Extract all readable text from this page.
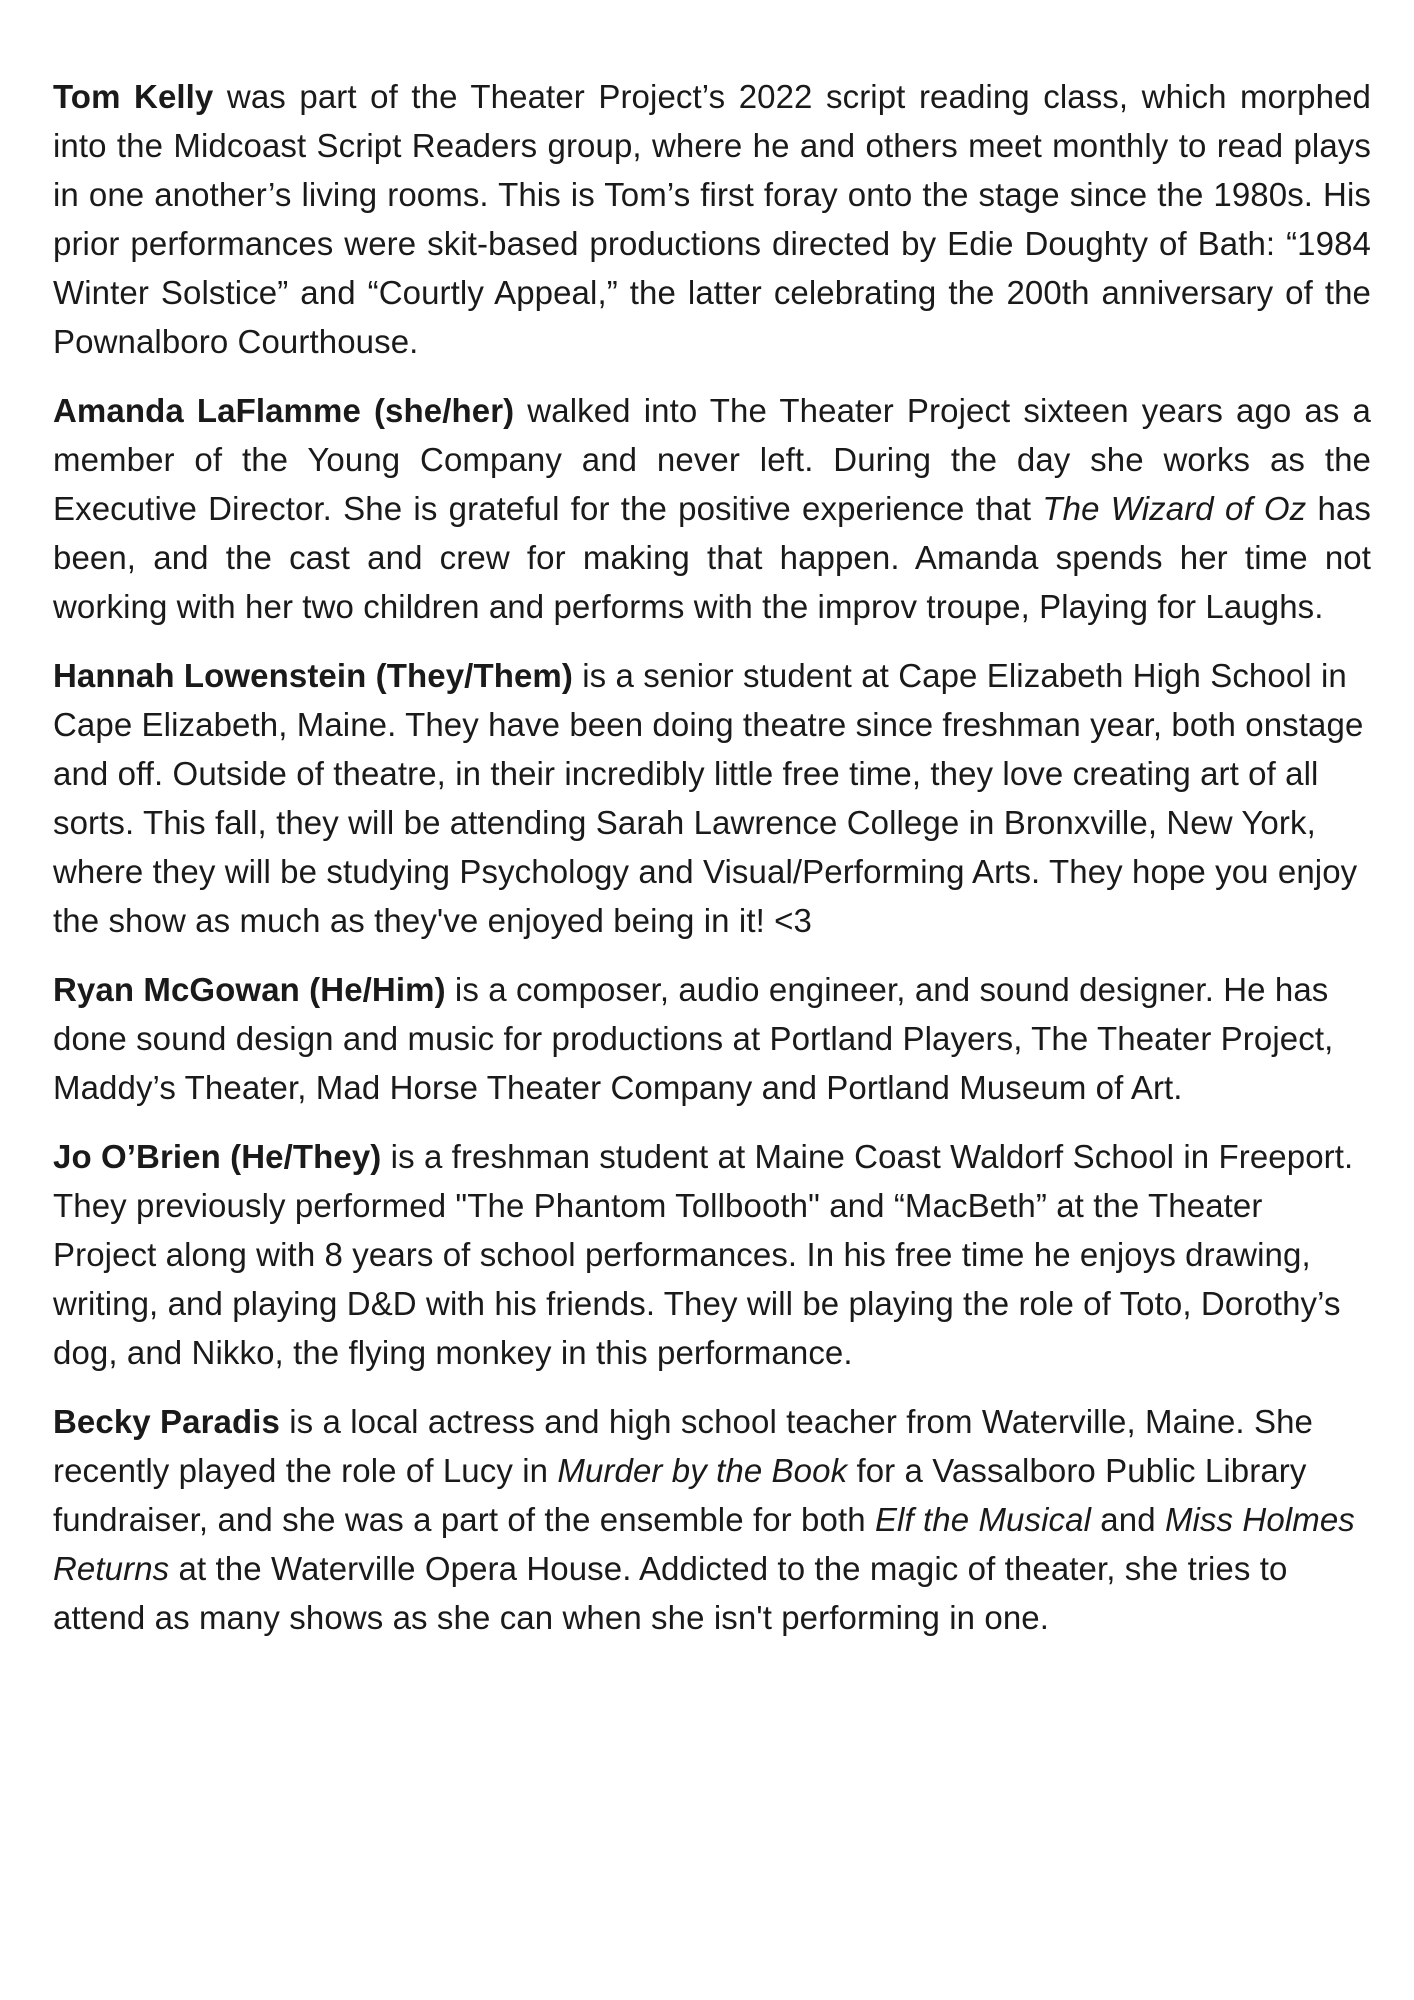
Tom Kelly was part of the Theater Project’s 2022 script reading class, which morphed into the Midcoast Script Readers group, where he and others meet monthly to read plays in one another’s living rooms. This is Tom’s first foray onto the stage since the 1980s. His prior performances were skit-based productions directed by Edie Doughty of Bath: “1984 Winter Solstice” and “Courtly Appeal,” the latter celebrating the 200th anniversary of the Pownalboro Courthouse.

Amanda LaFlamme (she/her) walked into The Theater Project sixteen years ago as a member of the Young Company and never left. During the day she works as the Executive Director. She is grateful for the positive experience that The Wizard of Oz has been, and the cast and crew for making that happen. Amanda spends her time not working with her two children and performs with the improv troupe, Playing for Laughs.

Hannah Lowenstein (They/Them) is a senior student at Cape Elizabeth High School in Cape Elizabeth, Maine. They have been doing theatre since freshman year, both onstage and off. Outside of theatre, in their incredibly little free time, they love creating art of all sorts. This fall, they will be attending Sarah Lawrence College in Bronxville, New York, where they will be studying Psychology and Visual/Performing Arts. They hope you enjoy the show as much as they've enjoyed being in it! <3

Ryan McGowan (He/Him) is a composer, audio engineer, and sound designer. He has done sound design and music for productions at Portland Players, The Theater Project, Maddy’s Theater, Mad Horse Theater Company and Portland Museum of Art.

Jo O’Brien (He/They) is a freshman student at Maine Coast Waldorf School in Freeport. They previously performed "The Phantom Tollbooth" and “MacBeth” at the Theater Project along with 8 years of school performances. In his free time he enjoys drawing, writing, and playing D&D with his friends. They will be playing the role of Toto, Dorothy’s dog, and Nikko, the flying monkey in this performance.

Becky Paradis is a local actress and high school teacher from Waterville, Maine. She recently played the role of Lucy in Murder by the Book for a Vassalboro Public Library fundraiser, and she was a part of the ensemble for both Elf the Musical and Miss Holmes Returns at the Waterville Opera House. Addicted to the magic of theater, she tries to attend as many shows as she can when she isn't performing in one.
